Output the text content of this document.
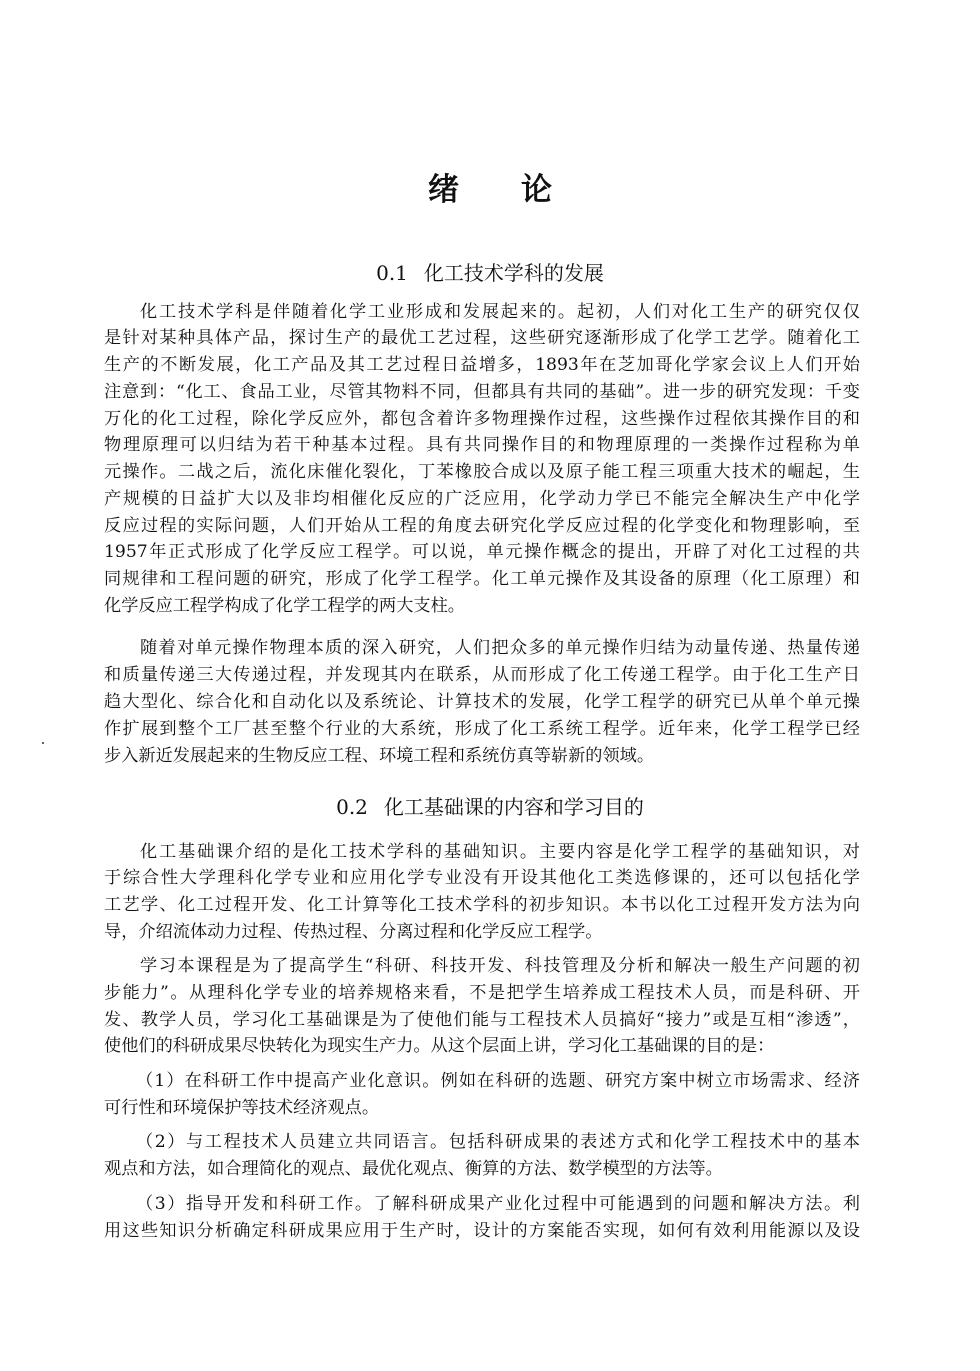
绪论
0.1 化工技术学科的发展
化工技术学科是伴随着化学工业形成和发展起来的。起初，人们对化工生产的研究仅仅
是针对某种具体产品，探讨生产的最优工艺过程，这些研究逐渐形成了化学工艺学。随着化工
生产的不断发展，化工产品及其工艺过程日益增多，1893年在芝加哥化学家会议上人们开始
注意到：“化工、食品工业，尽管其物料不同，但都具有共同的基础”。进一步的研究发现：千变
万化的化工过程，除化学反应外，都包含着许多物理操作过程，这些操作过程依其操作目的和
物理原理可以归结为若干种基本过程。具有共同操作目的和物理原理的一类操作过程称为单
元操作。二战之后，流化床催化裂化，丁苯橡胶合成以及原子能工程三项重大技术的崛起，生
产规模的日益扩大以及非均相催化反应的广泛应用，化学动力学已不能完全解决生产中化学
反应过程的实际问题，人们开始从工程的角度去研究化学反应过程的化学变化和物理影响，至
1957年正式形成了化学反应工程学。可以说，单元操作概念的提出，开辟了对化工过程的共
同规律和工程问题的研究，形成了化学工程学。化工单元操作及其设备的原理（化工原理）和
化学反应工程学构成了化学工程学的两大支柱。
随着对单元操作物理本质的深入研究，人们把众多的单元操作归结为动量传递、热量传递
和质量传递三大传递过程，并发现其内在联系，从而形成了化工传递工程学。由于化工生产日
趋大型化、综合化和自动化以及系统论、计算技术的发展，化学工程学的研究已从单个单元操
作扩展到整个工厂甚至整个行业的大系统，形成了化工系统工程学。近年来，化学工程学已经
步入新近发展起来的生物反应工程、环境工程和系统仿真等崭新的领域。
0.2 化工基础课的内容和学习目的
化工基础课介绍的是化工技术学科的基础知识。主要内容是化学工程学的基础知识，对
于综合性大学理科化学专业和应用化学专业没有开设其他化工类选修课的，还可以包括化学
工艺学、化工过程开发、化工计算等化工技术学科的初步知识。本书以化工过程开发方法为向
导，介绍流体动力过程、传热过程、分离过程和化学反应工程学。
学习本课程是为了提高学生“科研、科技开发、科技管理及分析和解决一般生产问题的初
步能力”。从理科化学专业的培养规格来看，不是把学生培养成工程技术人员，而是科研、开
发、教学人员，学习化工基础课是为了使他们能与工程技术人员搞好“接力”或是互相“渗透”，
使他们的科研成果尽快转化为现实生产力。从这个层面上讲，学习化工基础课的目的是：
（1）在科研工作中提高产业化意识。例如在科研的选题、研究方案中树立市场需求、经济
可行性和环境保护等技术经济观点。
（2）与工程技术人员建立共同语言。包括科研成果的表述方式和化学工程技术中的基本
观点和方法，如合理简化的观点、最优化观点、衡算的方法、数学模型的方法等。
（3）指导开发和科研工作。了解科研成果产业化过程中可能遇到的问题和解决方法。利
用这些知识分析确定科研成果应用于生产时，设计的方案能否实现，如何有效利用能源以及设
